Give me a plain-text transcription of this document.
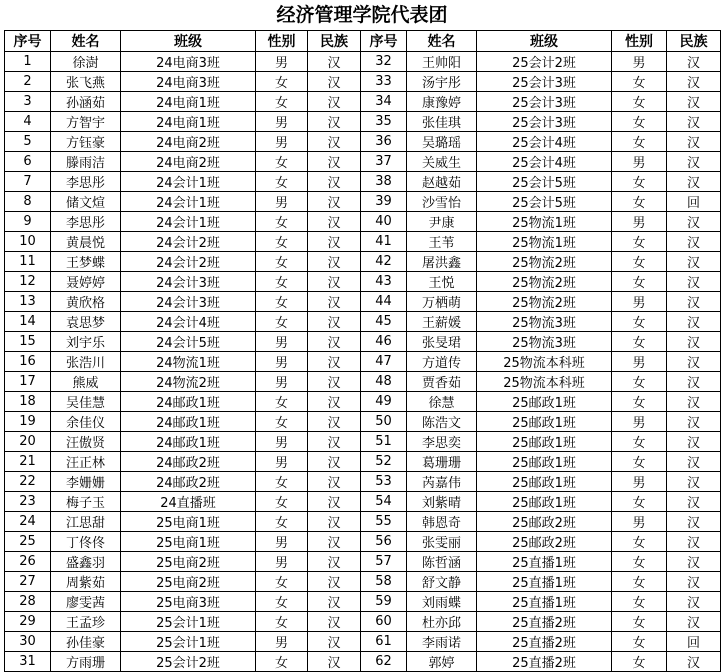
经济管理学院代表团
序号	姓名	班级	性别	民族	序号	姓名	班级	性别	民族
1	徐澍	24电商3班	男	汉	32	王帅阳	25会计2班	男	汉
2	张飞燕	24电商3班	女	汉	33	汤宇彤	25会计3班	女	汉
3	孙涵茹	24电商1班	女	汉	34	康豫婷	25会计3班	女	汉
4	方智宇	24电商1班	男	汉	35	张佳琪	25会计3班	女	汉
5	方钰豪	24电商2班	男	汉	36	吴璐瑶	25会计4班	女	汉
6	滕雨洁	24电商2班	女	汉	37	关威生	25会计4班	男	汉
7	李思彤	24会计1班	女	汉	38	赵越茹	25会计5班	女	汉
8	储文煊	24会计1班	男	汉	39	沙雪怡	25会计5班	女	回
9	李思彤	24会计1班	女	汉	40	尹康	25物流1班	男	汉
10	黄晨悦	24会计2班	女	汉	41	王苇	25物流1班	女	汉
11	王梦蝶	24会计2班	女	汉	42	屠洪鑫	25物流2班	女	汉
12	聂婷婷	24会计3班	女	汉	43	王悦	25物流2班	女	汉
13	黄欣格	24会计3班	女	汉	44	万栖萌	25物流2班	男	汉
14	袁思梦	24会计4班	女	汉	45	王薪媛	25物流3班	女	汉
15	刘宇乐	24会计5班	男	汉	46	张旻珺	25物流3班	女	汉
16	张浩川	24物流1班	男	汉	47	方道传	25物流本科班	男	汉
17	熊威	24物流2班	男	汉	48	贾香茹	25物流本科班	女	汉
18	吴佳慧	24邮政1班	女	汉	49	徐慧	25邮政1班	女	汉
19	余佳仪	24邮政1班	女	汉	50	陈浩文	25邮政1班	男	汉
20	汪傲贤	24邮政1班	男	汉	51	李思奕	25邮政1班	女	汉
21	汪正林	24邮政2班	男	汉	52	葛珊珊	25邮政1班	女	汉
22	李姗姗	24邮政2班	女	汉	53	芮嘉伟	25邮政1班	男	汉
23	梅子玉	24直播班	女	汉	54	刘紫晴	25邮政1班	女	汉
24	江思甜	25电商1班	女	汉	55	韩恩奇	25邮政2班	男	汉
25	丁佟佟	25电商1班	男	汉	56	张雯丽	25邮政2班	女	汉
26	盛鑫羽	25电商2班	男	汉	57	陈哲涵	25直播1班	女	汉
27	周紫茹	25电商2班	女	汉	58	舒文静	25直播1班	女	汉
28	廖雯茜	25电商3班	女	汉	59	刘雨蝶	25直播1班	女	汉
29	王孟珍	25会计1班	女	汉	60	杜亦邱	25直播2班	女	汉
30	孙佳豪	25会计1班	男	汉	61	李雨诺	25直播2班	女	回
31	方雨珊	25会计2班	女	汉	62	郭婷	25直播2班	女	汉
